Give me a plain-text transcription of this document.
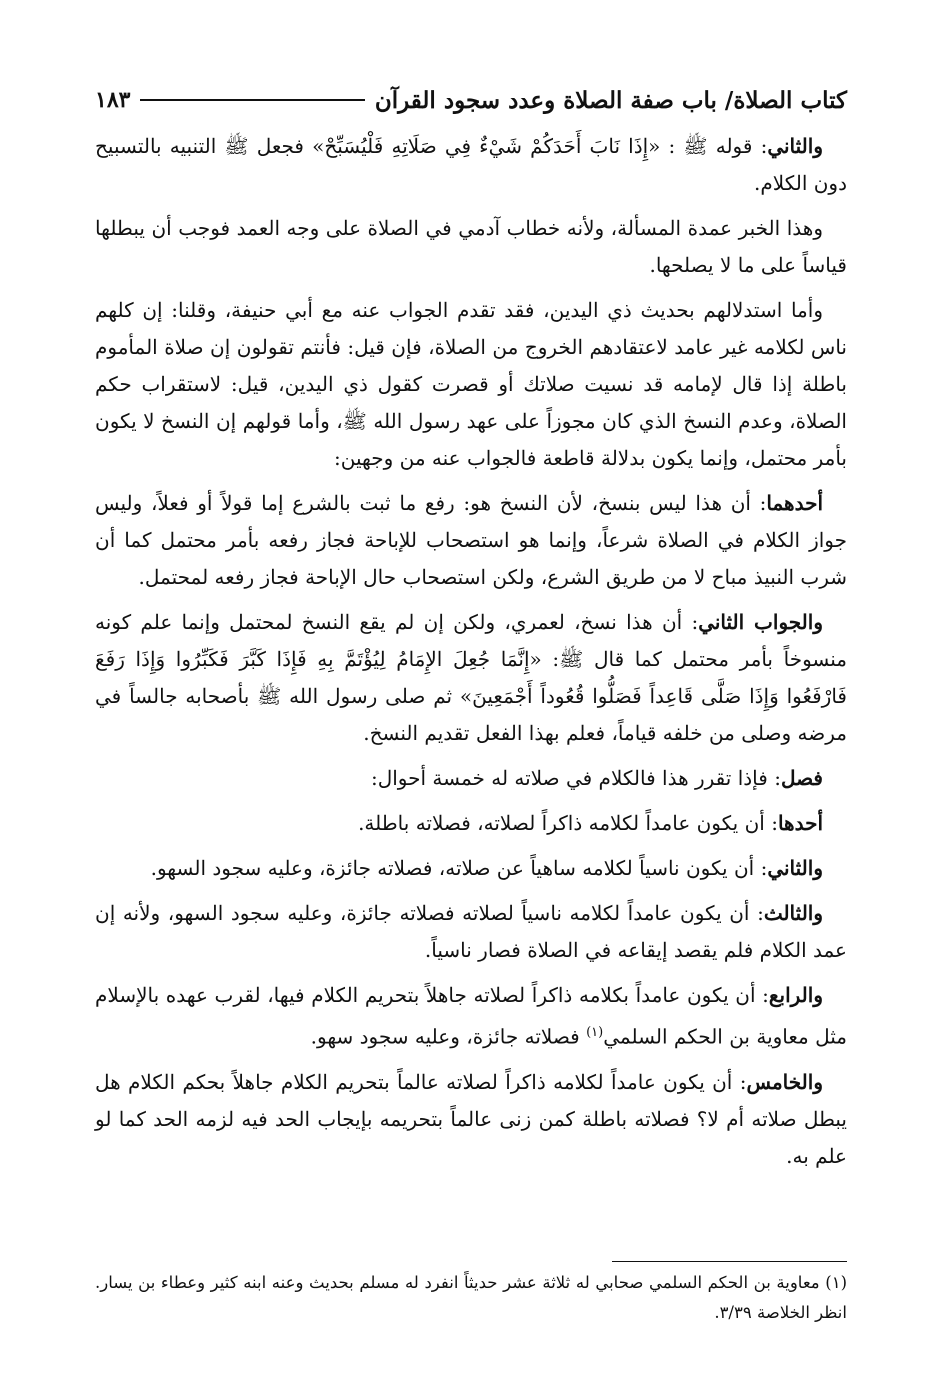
كتاب الصلاة/ باب صفة الصلاة وعدد سجود القرآن
١٨٣

والثاني: قوله ﷺ : «إِذَا نَابَ أَحَدَكُمْ شَيْءٌ فِي صَلَاتِهِ فَلْيُسَبِّحْ» فجعل ﷺ التنبيه بالتسبيح دون الكلام.

وهذا الخبر عمدة المسألة، ولأنه خطاب آدمي في الصلاة على وجه العمد فوجب أن يبطلها قياساً على ما لا يصلحها.

وأما استدلالهم بحديث ذي اليدين، فقد تقدم الجواب عنه مع أبي حنيفة، وقلنا: إن كلهم ناس لكلامه غير عامد لاعتقادهم الخروج من الصلاة، فإن قيل: فأنتم تقولون إن صلاة المأموم باطلة إذا قال لإمامه قد نسيت صلاتك أو قصرت كقول ذي اليدين، قيل: لاستقراب حكم الصلاة، وعدم النسخ الذي كان مجوزاً على عهد رسول الله ﷺ، وأما قولهم إن النسخ لا يكون بأمر محتمل، وإنما يكون بدلالة قاطعة فالجواب عنه من وجهين:

أحدهما: أن هذا ليس بنسخ، لأن النسخ هو: رفع ما ثبت بالشرع إما قولاً أو فعلاً، وليس جواز الكلام في الصلاة شرعاً، وإنما هو استصحاب للإباحة فجاز رفعه بأمر محتمل كما أن شرب النبيذ مباح لا من طريق الشرع، ولكن استصحاب حال الإباحة فجاز رفعه لمحتمل.

والجواب الثاني: أن هذا نسخ، لعمري، ولكن إن لم يقع النسخ لمحتمل وإنما علم كونه منسوخاً بأمر محتمل كما قال ﷺ: «إِنَّمَا جُعِلَ الإِمَامُ لِيُؤْتَمَّ بِهِ فَإِذَا كَبَّرَ فَكَبِّرُوا وَإِذَا رَفَعَ فَارْفَعُوا وَإِذَا صَلَّى قَاعِداً فَصَلُّوا قُعُوداً أَجْمَعِينَ» ثم صلى رسول الله ﷺ بأصحابه جالساً في مرضه وصلى من خلفه قياماً، فعلم بهذا الفعل تقديم النسخ.

فصل: فإذا تقرر هذا فالكلام في صلاته له خمسة أحوال:

أحدها: أن يكون عامداً لكلامه ذاكراً لصلاته، فصلاته باطلة.

والثاني: أن يكون ناسياً لكلامه ساهياً عن صلاته، فصلاته جائزة، وعليه سجود السهو.

والثالث: أن يكون عامداً لكلامه ناسياً لصلاته فصلاته جائزة، وعليه سجود السهو، ولأنه إن عمد الكلام فلم يقصد إيقاعه في الصلاة فصار ناسياً.

والرابع: أن يكون عامداً بكلامه ذاكراً لصلاته جاهلاً بتحريم الكلام فيها، لقرب عهده بالإسلام مثل معاوية بن الحكم السلمي$^{(١)}$ فصلاته جائزة، وعليه سجود سهو.

والخامس: أن يكون عامداً لكلامه ذاكراً لصلاته عالماً بتحريم الكلام جاهلاً بحكم الكلام هل يبطل صلاته أم لا؟ فصلاته باطلة كمن زنى عالماً بتحريمه بإيجاب الحد فيه لزمه الحد كما لو علم به.

(١) معاوية بن الحكم السلمي صحابي له ثلاثة عشر حديثاً انفرد له مسلم بحديث وعنه ابنه كثير وعطاء بن يسار. انظر الخلاصة ٣/٣٩.
